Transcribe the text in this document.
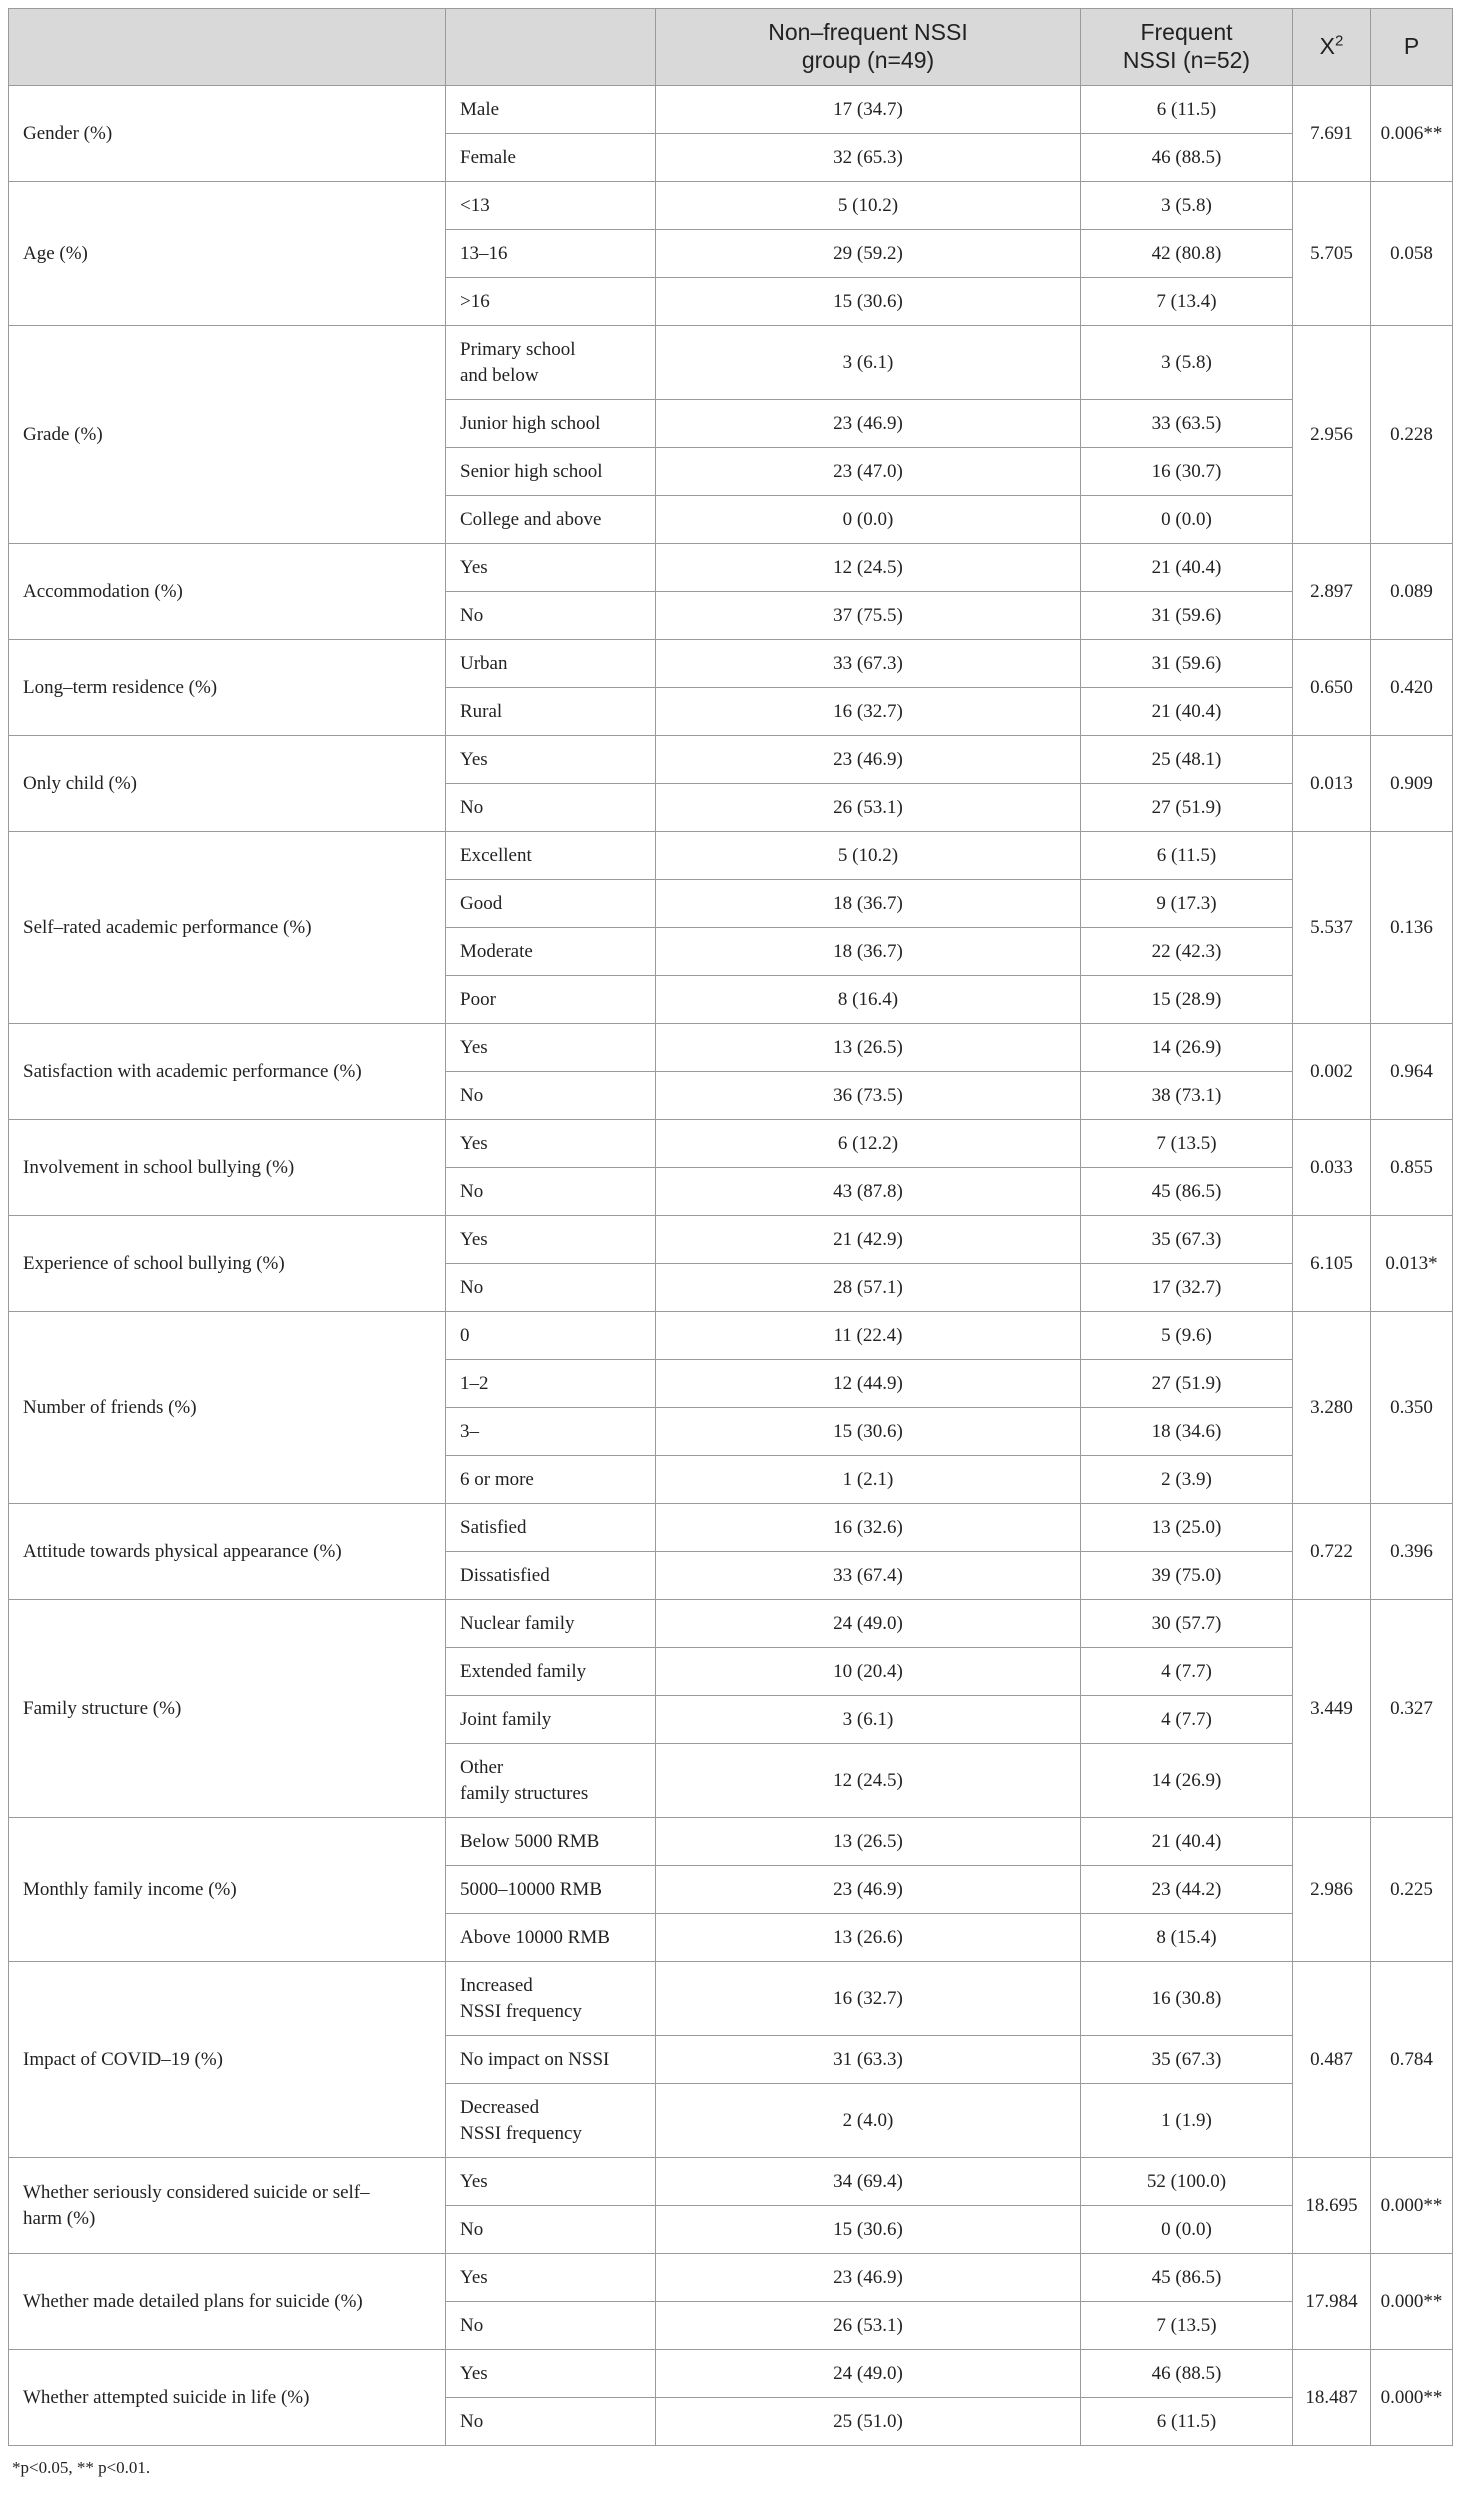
		Non–frequent NSSI
group (n=49)	Frequent
NSSI (n=52)	$X^2$	P
Gender (%)	Male	17 (34.7)	6 (11.5)	7.691	0.006**
	Female	32 (65.3)	46 (88.5)		
Age (%)	<13	5 (10.2)	3 (5.8)	5.705	0.058
	13–16	29 (59.2)	42 (80.8)		
	>16	15 (30.6)	7 (13.4)		
Grade (%)	Primary school
and below	3 (6.1)	3 (5.8)	2.956	0.228
	Junior high school	23 (46.9)	33 (63.5)		
	Senior high school	23 (47.0)	16 (30.7)		
	College and above	0 (0.0)	0 (0.0)		
Accommodation (%)	Yes	12 (24.5)	21 (40.4)	2.897	0.089
	No	37 (75.5)	31 (59.6)		
Long–term residence (%)	Urban	33 (67.3)	31 (59.6)	0.650	0.420
	Rural	16 (32.7)	21 (40.4)		
Only child (%)	Yes	23 (46.9)	25 (48.1)	0.013	0.909
	No	26 (53.1)	27 (51.9)		
Self–rated academic performance (%)	Excellent	5 (10.2)	6 (11.5)	5.537	0.136
	Good	18 (36.7)	9 (17.3)		
	Moderate	18 (36.7)	22 (42.3)		
	Poor	8 (16.4)	15 (28.9)		
Satisfaction with academic performance (%)	Yes	13 (26.5)	14 (26.9)	0.002	0.964
	No	36 (73.5)	38 (73.1)		
Involvement in school bullying (%)	Yes	6 (12.2)	7 (13.5)	0.033	0.855
	No	43 (87.8)	45 (86.5)		
Experience of school bullying (%)	Yes	21 (42.9)	35 (67.3)	6.105	0.013*
	No	28 (57.1)	17 (32.7)		
Number of friends (%)	0	11 (22.4)	5 (9.6)	3.280	0.350
	1–2	12 (44.9)	27 (51.9)		
	3–	15 (30.6)	18 (34.6)		
	6 or more	1 (2.1)	2 (3.9)		
Attitude towards physical appearance (%)	Satisfied	16 (32.6)	13 (25.0)	0.722	0.396
	Dissatisfied	33 (67.4)	39 (75.0)		
Family structure (%)	Nuclear family	24 (49.0)	30 (57.7)	3.449	0.327
	Extended family	10 (20.4)	4 (7.7)		
	Joint family	3 (6.1)	4 (7.7)		
	Other
family structures	12 (24.5)	14 (26.9)		
Monthly family income (%)	Below 5000 RMB	13 (26.5)	21 (40.4)	2.986	0.225
	5000–10000 RMB	23 (46.9)	23 (44.2)		
	Above 10000 RMB	13 (26.6)	8 (15.4)		
Impact of COVID–19 (%)	Increased
NSSI frequency	16 (32.7)	16 (30.8)	0.487	0.784
	No impact on NSSI	31 (63.3)	35 (67.3)		
	Decreased
NSSI frequency	2 (4.0)	1 (1.9)		
Whether seriously considered suicide or self–
harm (%)	Yes	34 (69.4)	52 (100.0)	18.695	0.000**
	No	15 (30.6)	0 (0.0)		
Whether made detailed plans for suicide (%)	Yes	23 (46.9)	45 (86.5)	17.984	0.000**
	No	26 (53.1)	7 (13.5)		
Whether attempted suicide in life (%)	Yes	24 (49.0)	46 (88.5)	18.487	0.000**
	No	25 (51.0)	6 (11.5)		
*p<0.05, ** p<0.01.
